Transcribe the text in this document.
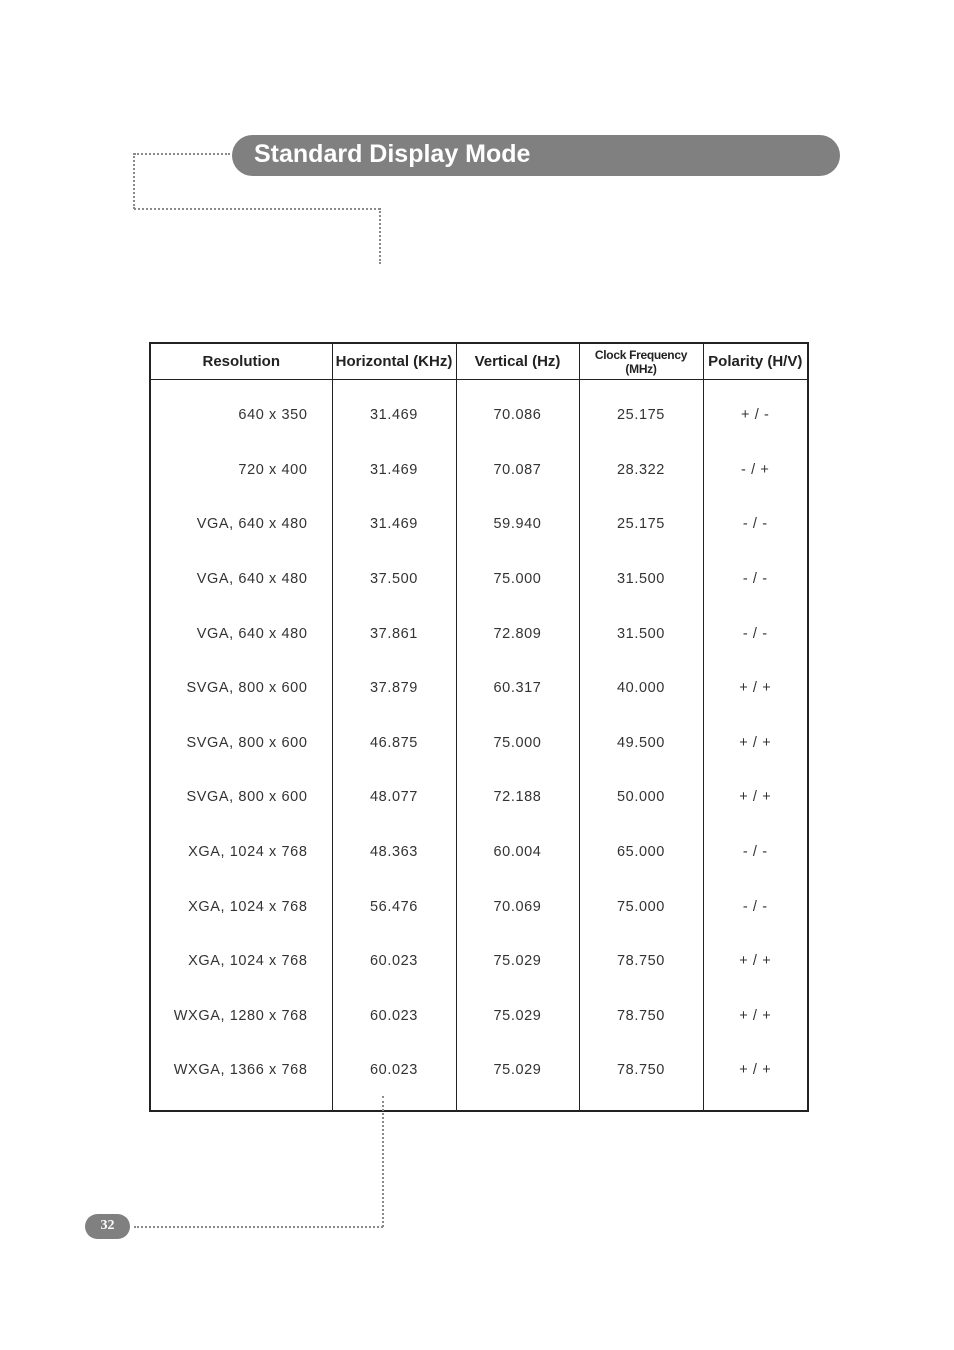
Standard Display Mode
Resolution	Horizontal (KHz)	Vertical (Hz)	Clock Frequency (MHz)	Polarity (H/V)
640 x 350	31.469	70.086	25.175	+ / -
720 x 400	31.469	70.087	28.322	- / +
VGA, 640 x 480	31.469	59.940	25.175	- / -
VGA, 640 x 480	37.500	75.000	31.500	- / -
VGA, 640 x 480	37.861	72.809	31.500	- / -
SVGA, 800 x 600	37.879	60.317	40.000	+ / +
SVGA, 800 x 600	46.875	75.000	49.500	+ / +
SVGA, 800 x 600	48.077	72.188	50.000	+ / +
XGA, 1024 x 768	48.363	60.004	65.000	- / -
XGA, 1024 x 768	56.476	70.069	75.000	- / -
XGA, 1024 x 768	60.023	75.029	78.750	+ / +
WXGA, 1280 x 768	60.023	75.029	78.750	+ / +
WXGA, 1366 x 768	60.023	75.029	78.750	+ / +
32
